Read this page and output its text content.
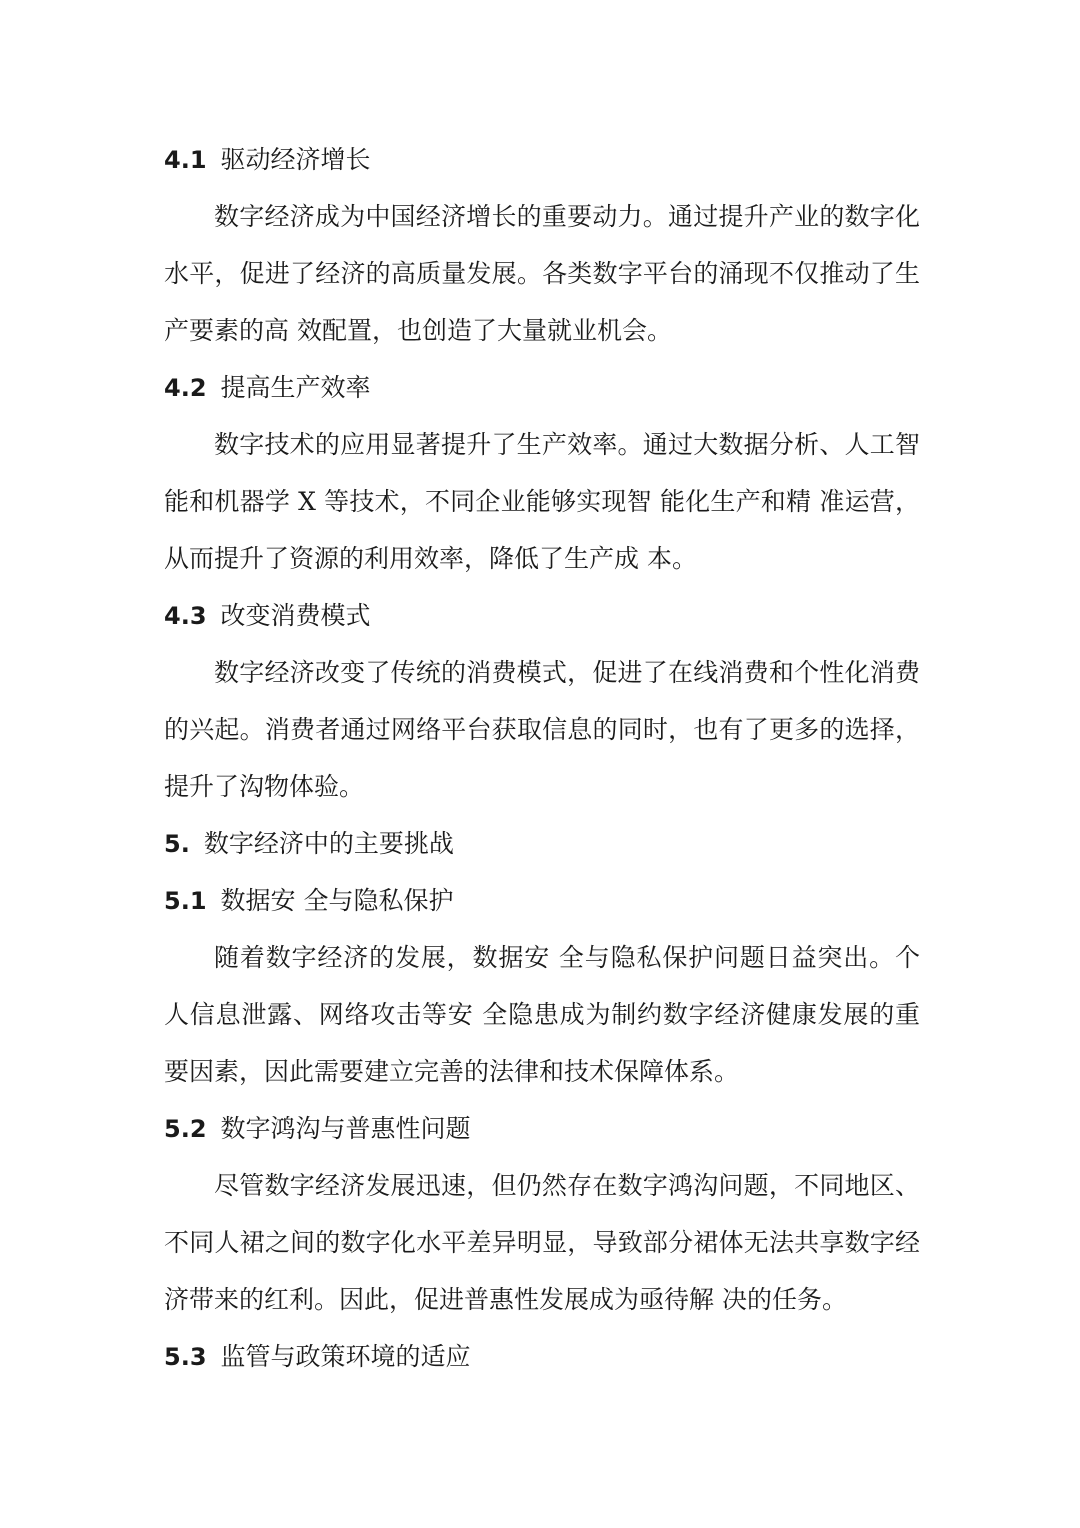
4.1 驱动经济增长

数字经济成为中国经济增长的重要动力。通过提升产业的数字化水平，促进了经济的高质量发展。各类数字平台的涌现不仅推动了生产要素的高 效配置，也创造了大量就业机会。

4.2 提高生产效率

数字技术的应用显著提升了生产效率。通过大数据分析、人工智能和机器学 X 等技术，不同企业能够实现智 能化生产和精 准运营，从而提升了资源的利用效率，降低了生产成 本。

4.3 改变消费模式

数字经济改变了传统的消费模式，促进了在线消费和个性化消费的兴起。消费者通过网络平台获取信息的同时，也有了更多的选择，提升了沟物体验。

5. 数字经济中的主要挑战
5.1 数据安 全与隐私保护

随着数字经济的发展，数据安 全与隐私保护问题日益突出。个人信息泄露、网络攻击等安 全隐患成为制约数字经济健康发展的重要因素，因此需要建立完善的法律和技术保障体系。

5.2 数字鸿沟与普惠性问题

尽管数字经济发展迅速，但仍然存在数字鸿沟问题，不同地区、不同人裙之间的数字化水平差异明显，导致部分裙体无法共享数字经济带来的红利。因此，促进普惠性发展成为亟待解 决的任务。

5.3 监管与政策环境的适应
